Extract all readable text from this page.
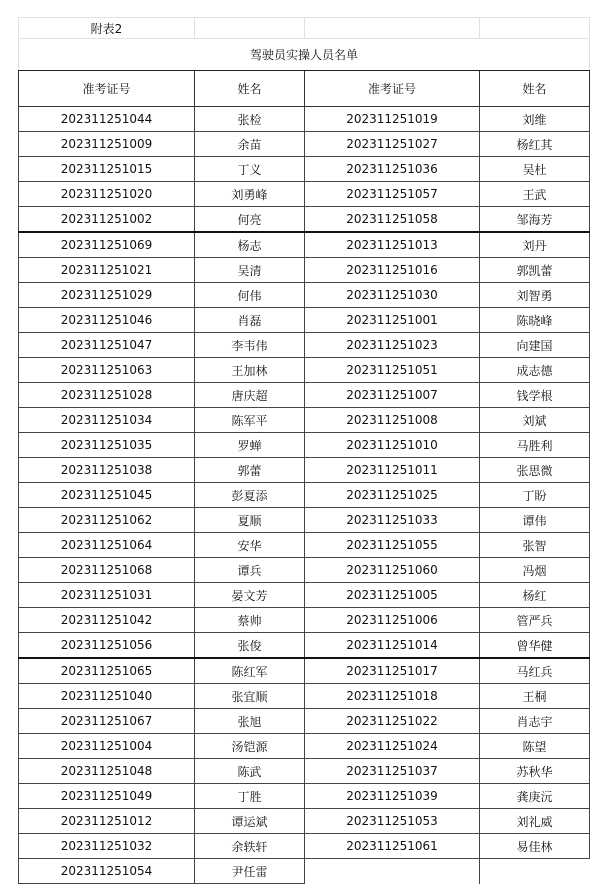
附表2			
驾驶员实操人员名单			
准考证号	姓名	准考证号	姓名
202311251044	张检	202311251019	刘维
202311251009	余苗	202311251027	杨红其
202311251015	丁义	202311251036	吴杜
202311251020	刘勇峰	202311251057	王武
202311251002	何亮	202311251058	邹海芳
202311251069	杨志	202311251013	刘丹
202311251021	吴清	202311251016	郭凯蕾
202311251029	何伟	202311251030	刘智勇
202311251046	肖磊	202311251001	陈晓峰
202311251047	李韦伟	202311251023	向建国
202311251063	王加林	202311251051	成志德
202311251028	唐庆超	202311251007	钱学根
202311251034	陈军平	202311251008	刘斌
202311251035	罗蝉	202311251010	马胜利
202311251038	郭蕾	202311251011	张思微
202311251045	彭夏添	202311251025	丁盼
202311251062	夏顺	202311251033	谭伟
202311251064	安华	202311251055	张智
202311251068	谭兵	202311251060	冯烟
202311251031	晏文芳	202311251005	杨红
202311251042	蔡帅	202311251006	管严兵
202311251056	张俊	202311251014	曾华健
202311251065	陈红军	202311251017	马红兵
202311251040	张宜顺	202311251018	王桐
202311251067	张旭	202311251022	肖志宇
202311251004	汤铠源	202311251024	陈望
202311251048	陈武	202311251037	苏秋华
202311251049	丁胜	202311251039	龚庚沅
202311251012	谭运斌	202311251053	刘礼威
202311251032	余轶轩	202311251061	易佳林
202311251054	尹任雷		
